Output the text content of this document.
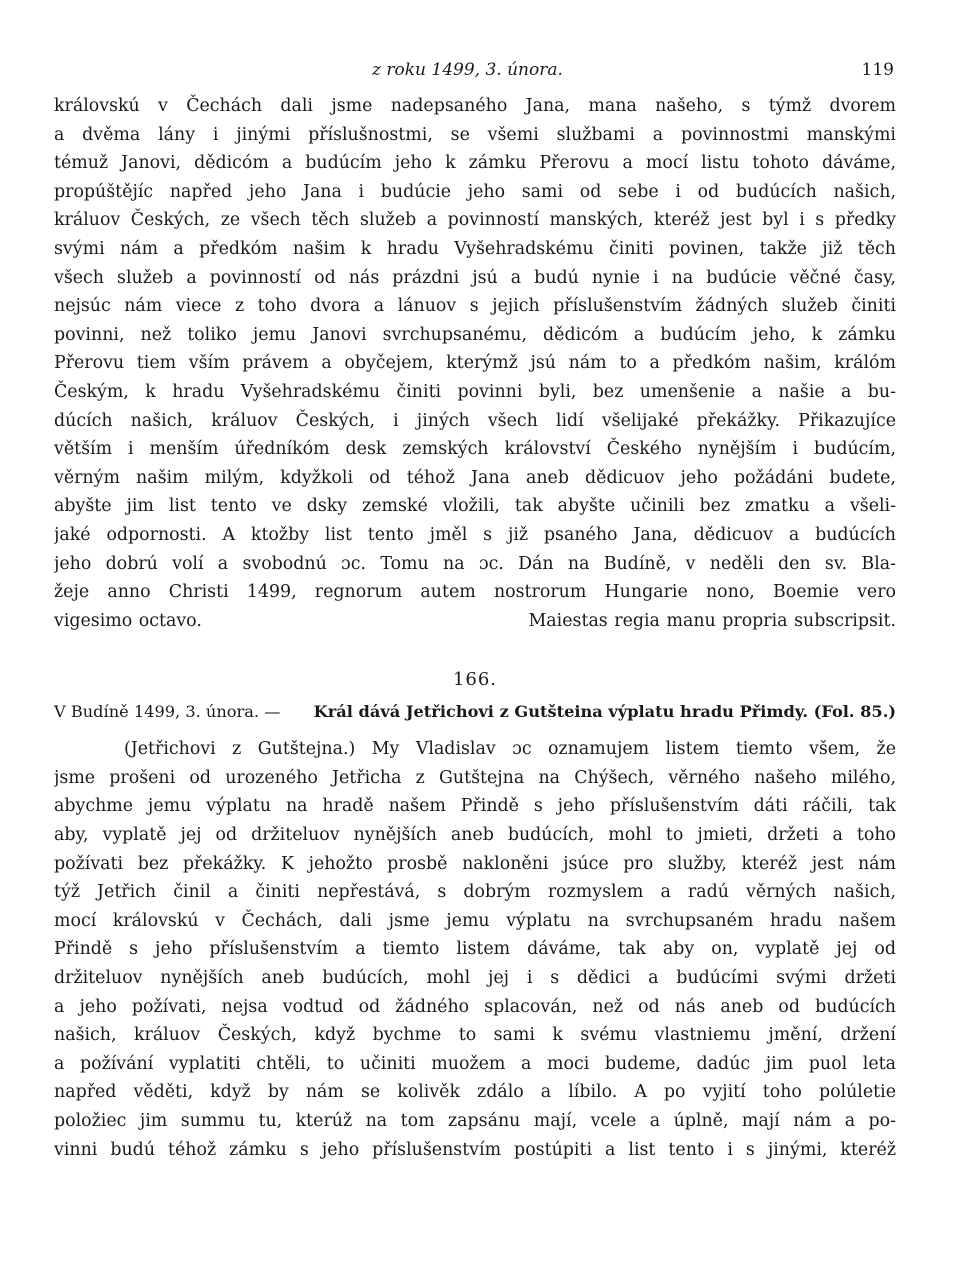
z roku 1499, 3. února.	119
královskú v Čechách dali jsme nadepsaného Jana, mana našeho, s týmž dvorem
a dvěma lány i jinými příslušnostmi, se všemi službami a povinnostmi manskými
témuž Janovi, dědicóm a budúcím jeho k zámku Přerovu a mocí listu tohoto dáváme,
propúštějíc napřed jeho Jana i budúcie jeho sami od sebe i od budúcích našich,
králuov Českých, ze všech těch služeb a povinností manských, kteréž jest byl i s předky
svými nám a předkóm našim k hradu Vyšehradskému činiti povinen, takže již těch
všech služeb a povinností od nás prázdni jsú a budú nynie i na budúcie věčné časy,
nejsúc nám viece z toho dvora a lánuov s jejich příslušenstvím žádných služeb činiti
povinni, než toliko jemu Janovi svrchupsanému, dědicóm a budúcím jeho, k zámku
Přerovu tiem vším právem a obyčejem, kterýmž jsú nám to a předkóm našim, králóm
Českým, k hradu Vyšehradskému činiti povinni byli, bez umenšenie a našie a bu-
dúcích našich, králuov Českých, i jiných všech lidí všelijaké překážky. Přikazujíce
větším i menším úředníkóm desk zemských království Českého nynějším i budúcím,
věrným našim milým, kdyžkoli od téhož Jana aneb dědicuov jeho požádáni budete,
abyšte jim list tento ve dsky zemské vložili, tak abyšte učinili bez zmatku a všeli-
jaké odpornosti. A ktožby list tento jměl s již psaného Jana, dědicuov a budúcích
jeho dobrú volí a svobodnú ɔc. Tomu na ɔc. Dán na Budíně, v neděli den sv. Bla-
žeje anno Christi 1499, regnorum autem nostrorum Hungarie nono, Boemie vero
vigesimo octavo.	Maiestas regia manu propria subscripsit.
166.
V Budíně 1499, 3. února. — Král dává Jetřichovi z Gutšteina výplatu hradu Přimdy. (Fol. 85.)
(Jetřichovi z Gutštejna.) My Vladislav ɔc oznamujem listem tiemto všem, že
jsme prošeni od urozeného Jetřicha z Gutštejna na Chýšech, věrného našeho milého,
abychme jemu výplatu na hradě našem Přindě s jeho příslušenstvím dáti ráčili, tak
aby, vyplatě jej od držiteluov nynějších aneb budúcích, mohl to jmieti, držeti a toho
požívati bez překážky. K jehožto prosbě nakloněni jsúce pro služby, kteréž jest nám
týž Jetřich činil a činiti nepřestává, s dobrým rozmyslem a radú věrných našich,
mocí královskú v Čechách, dali jsme jemu výplatu na svrchupsaném hradu našem
Přindě s jeho příslušenstvím a tiemto listem dáváme, tak aby on, vyplatě jej od
držiteluov nynějších aneb budúcích, mohl jej i s dědici a budúcími svými držeti
a jeho požívati, nejsa vodtud od žádného splacován, než od nás aneb od budúcích
našich, králuov Českých, když bychme to sami k svému vlastniemu jmění, držení
a požívání vyplatiti chtěli, to učiniti muožem a moci budeme, dadúc jim puol leta
napřed věděti, když by nám se kolivěk zdálo a líbilo. A po vyjití toho polúletie
položiec jim summu tu, kterúž na tom zapsánu mají, vcele a úplně, mají nám a po-
vinni budú téhož zámku s jeho příslušenstvím postúpiti a list tento i s jinými, kteréž
